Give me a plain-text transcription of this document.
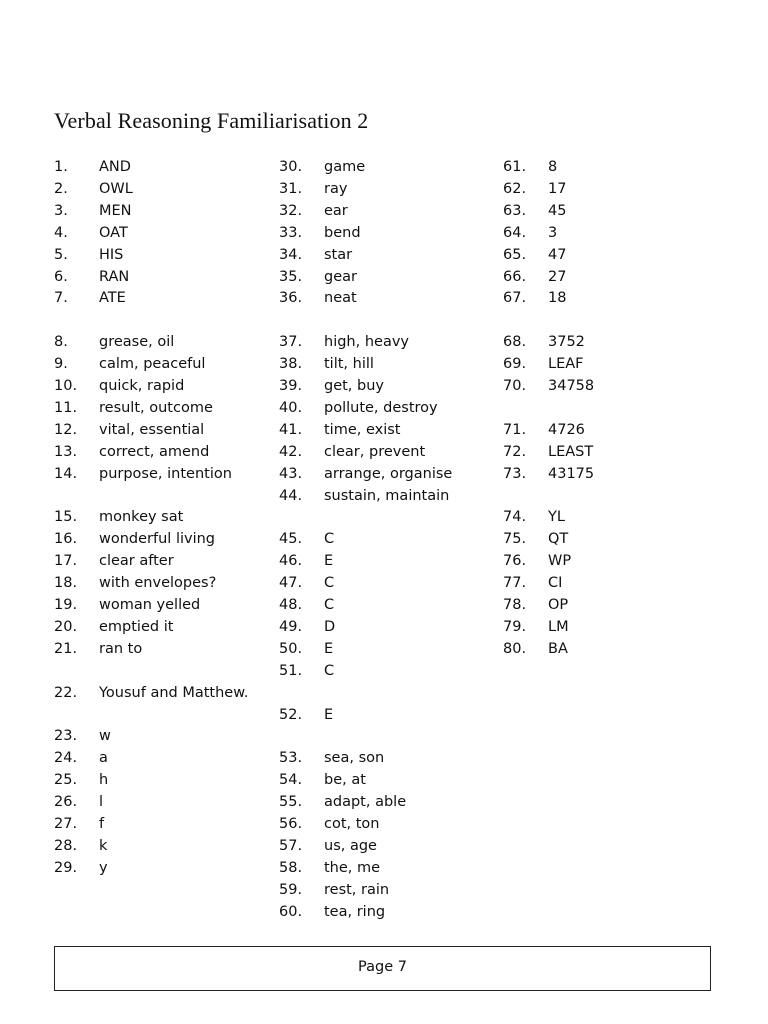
Verbal Reasoning Familiarisation 2
1. AND
2. OWL
3. MEN
4. OAT
5. HIS
6. RAN
7. ATE
8. grease, oil
9. calm, peaceful
10. quick, rapid
11. result, outcome
12. vital, essential
13. correct, amend
14. purpose, intention
15. monkey sat
16. wonderful living
17. clear after
18. with envelopes?
19. woman yelled
20. emptied it
21. ran to
22. Yousuf and Matthew.
23. w
24. a
25. h
26. l
27. f
28. k
29. y
30. game
31. ray
32. ear
33. bend
34. star
35. gear
36. neat
37. high, heavy
38. tilt, hill
39. get, buy
40. pollute, destroy
41. time, exist
42. clear, prevent
43. arrange, organise
44. sustain, maintain
45. C
46. E
47. C
48. C
49. D
50. E
51. C
52. E
53. sea, son
54. be, at
55. adapt, able
56. cot, ton
57. us, age
58. the, me
59. rest, rain
60. tea, ring
61. 8
62. 17
63. 45
64. 3
65. 47
66. 27
67. 18
68. 3752
69. LEAF
70. 34758
71. 4726
72. LEAST
73. 43175
74. YL
75. QT
76. WP
77. CI
78. OP
79. LM
80. BA
Page 7
